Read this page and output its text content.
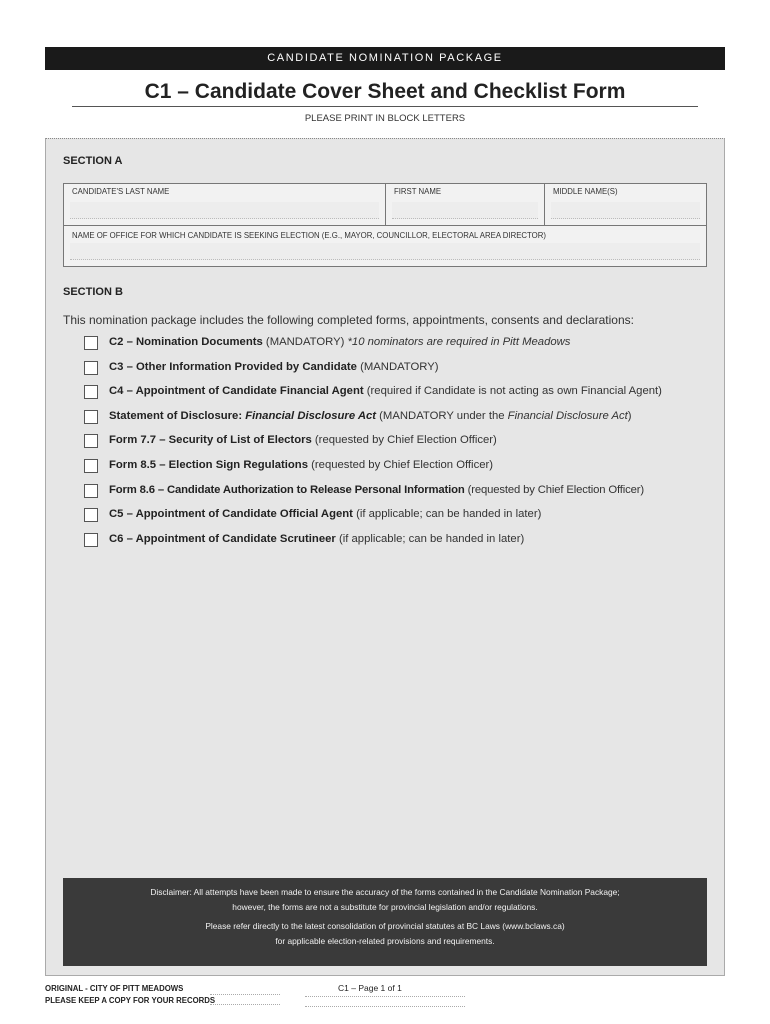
CANDIDATE NOMINATION PACKAGE
C1 – Candidate Cover Sheet and Checklist Form
PLEASE PRINT IN BLOCK LETTERS
SECTION A
CANDIDATE'S LAST NAME	FIRST NAME	MIDDLE NAME(S)
NAME OF OFFICE FOR WHICH CANDIDATE IS SEEKING ELECTION (E.G., MAYOR, COUNCILLOR, ELECTORAL AREA DIRECTOR)
SECTION B
This nomination package includes the following completed forms, appointments, consents and declarations:
C2 – Nomination Documents (MANDATORY) *10 nominators are required in Pitt Meadows
C3 – Other Information Provided by Candidate (MANDATORY)
C4 – Appointment of Candidate Financial Agent (required if Candidate is not acting as own Financial Agent)
Statement of Disclosure: Financial Disclosure Act (MANDATORY under the Financial Disclosure Act)
Form 7.7 – Security of List of Electors (requested by Chief Election Officer)
Form 8.5 – Election Sign Regulations (requested by Chief Election Officer)
Form 8.6 – Candidate Authorization to Release Personal Information (requested by Chief Election Officer)
C5 – Appointment of Candidate Official Agent (if applicable; can be handed in later)
C6 – Appointment of Candidate Scrutineer (if applicable; can be handed in later)

Disclaimer: All attempts have been made to ensure the accuracy of the forms contained in the Candidate Nomination Package;
however, the forms are not a substitute for provincial legislation and/or regulations.

Please refer directly to the latest consolidation of provincial statutes at BC Laws (www.bclaws.ca)
for applicable election-related provisions and requirements.

ORIGINAL - CITY OF PITT MEADOWS
PLEASE KEEP A COPY FOR YOUR RECORDS
C1 – Page 1 of 1
